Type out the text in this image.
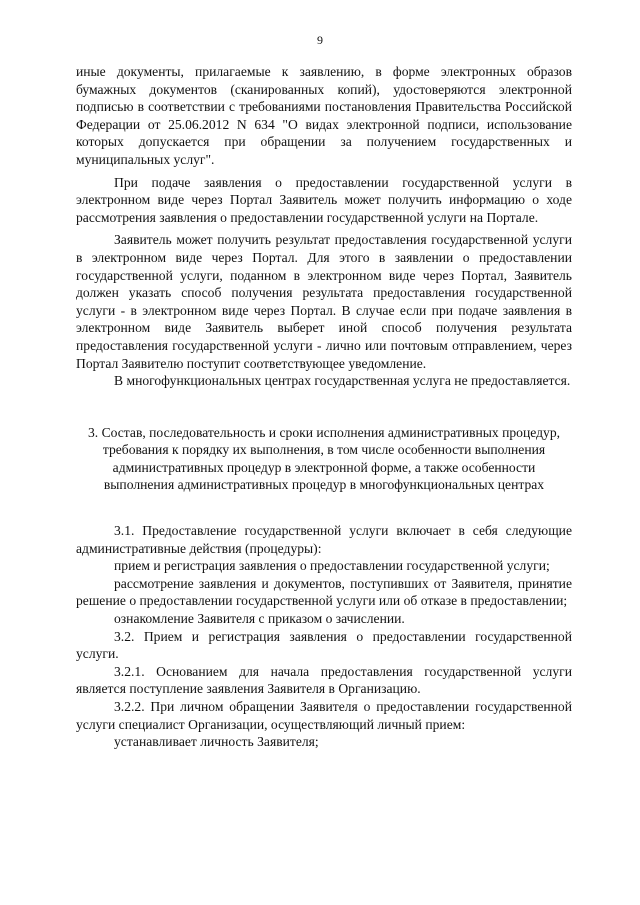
9

иные документы, прилагаемые к заявлению, в форме электронных образов бумажных документов (сканированных копий), удостоверяются электронной подписью в соответствии с требованиями постановления Правительства Российской Федерации от 25.06.2012 N 634 "О видах электронной подписи, использование которых допускается при обращении за получением государственных и муниципальных услуг".

При подаче заявления о предоставлении государственной услуги в электронном виде через Портал Заявитель может получить информацию о ходе рассмотрения заявления о предоставлении государственной услуги на Портале.

Заявитель может получить результат предоставления государственной услуги в электронном виде через Портал. Для этого в заявлении о предоставлении государственной услуги, поданном в электронном виде через Портал, Заявитель должен указать способ получения результата предоставления государственной услуги - в электронном виде через Портал. В случае если при подаче заявления в электронном виде Заявитель выберет иной способ получения результата предоставления государственной услуги - лично или почтовым отправлением, через Портал Заявителю поступит соответствующее уведомление.

В многофункциональных центрах государственная услуга не предоставляется.

3. Состав, последовательность и сроки исполнения административных процедур, требования к порядку их выполнения, в том числе особенности выполнения административных процедур в электронной форме, а также особенности выполнения административных процедур в многофункциональных центрах

3.1. Предоставление государственной услуги включает в себя следующие административные действия (процедуры):

прием и регистрация заявления о предоставлении государственной услуги;

рассмотрение заявления и документов, поступивших от Заявителя, принятие решение о предоставлении государственной услуги или об отказе в предоставлении;

ознакомление Заявителя с приказом о зачислении.

3.2. Прием и регистрация заявления о предоставлении государственной услуги.

3.2.1. Основанием для начала предоставления государственной услуги является поступление заявления Заявителя в Организацию.

3.2.2. При личном обращении Заявителя о предоставлении государственной услуги специалист Организации, осуществляющий личный прием:

устанавливает личность Заявителя;
